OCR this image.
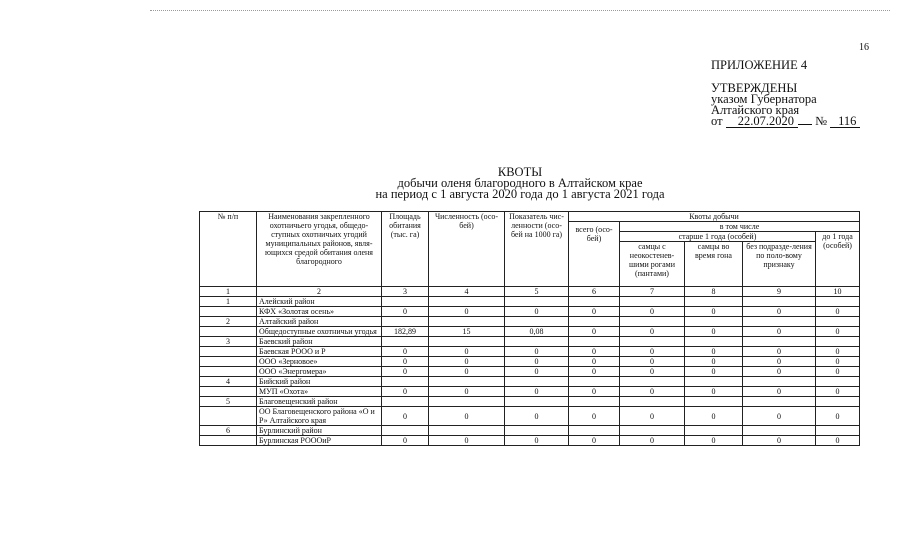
16
ПРИЛОЖЕНИЕ 4
УТВЕРЖДЕНЫ
указом Губернатора
Алтайского края
от 22.07.2020 № 116
КВОТЫ
добычи оленя благородного в Алтайском крае
на период с 1 августа 2020 года до 1 августа 2021 года
№ п/п	Наименования закрепленного охотничьего угодья, общедо-ступных охотничьих угодий муниципальных районов, явля-ющихся средой обитания оленя благородного	Площадь обитания (тыс. га)	Численность (осо-бей)	Показатель чис-ленности (осо-бей на 1000 га)	Квоты добычи				
					всего (осо-бей)	в том числе			
						старше 1 года (особей)			до 1 года (особей)
						самцы с неокостенев-шими рогами (пантами)	самцы во время гона	без подразде-ления по поло-вому признаку	
1	2	3	4	5	6	7	8	9	10
1	Алейский район								
	КФХ «Золотая осень»	0	0	0	0	0	0	0	0
2	Алтайский район								
	Общедоступные охотничьи угодья	182,89	15	0,08	0	0	0	0	0
3	Баевский район								
	Баевская РООО и Р	0	0	0	0	0	0	0	0
	ООО «Зерновое»	0	0	0	0	0	0	0	0
	ООО «Энергомера»	0	0	0	0	0	0	0	0
4	Бийский район								
	МУП «Охота»	0	0	0	0	0	0	0	0
5	Благовещенский район								
	ОО Благовещенского района «О и Р» Алтайского края	0	0	0	0	0	0	0	0
6	Бурлинский район								
	Бурлинская РОООиР	0	0	0	0	0	0	0	0
